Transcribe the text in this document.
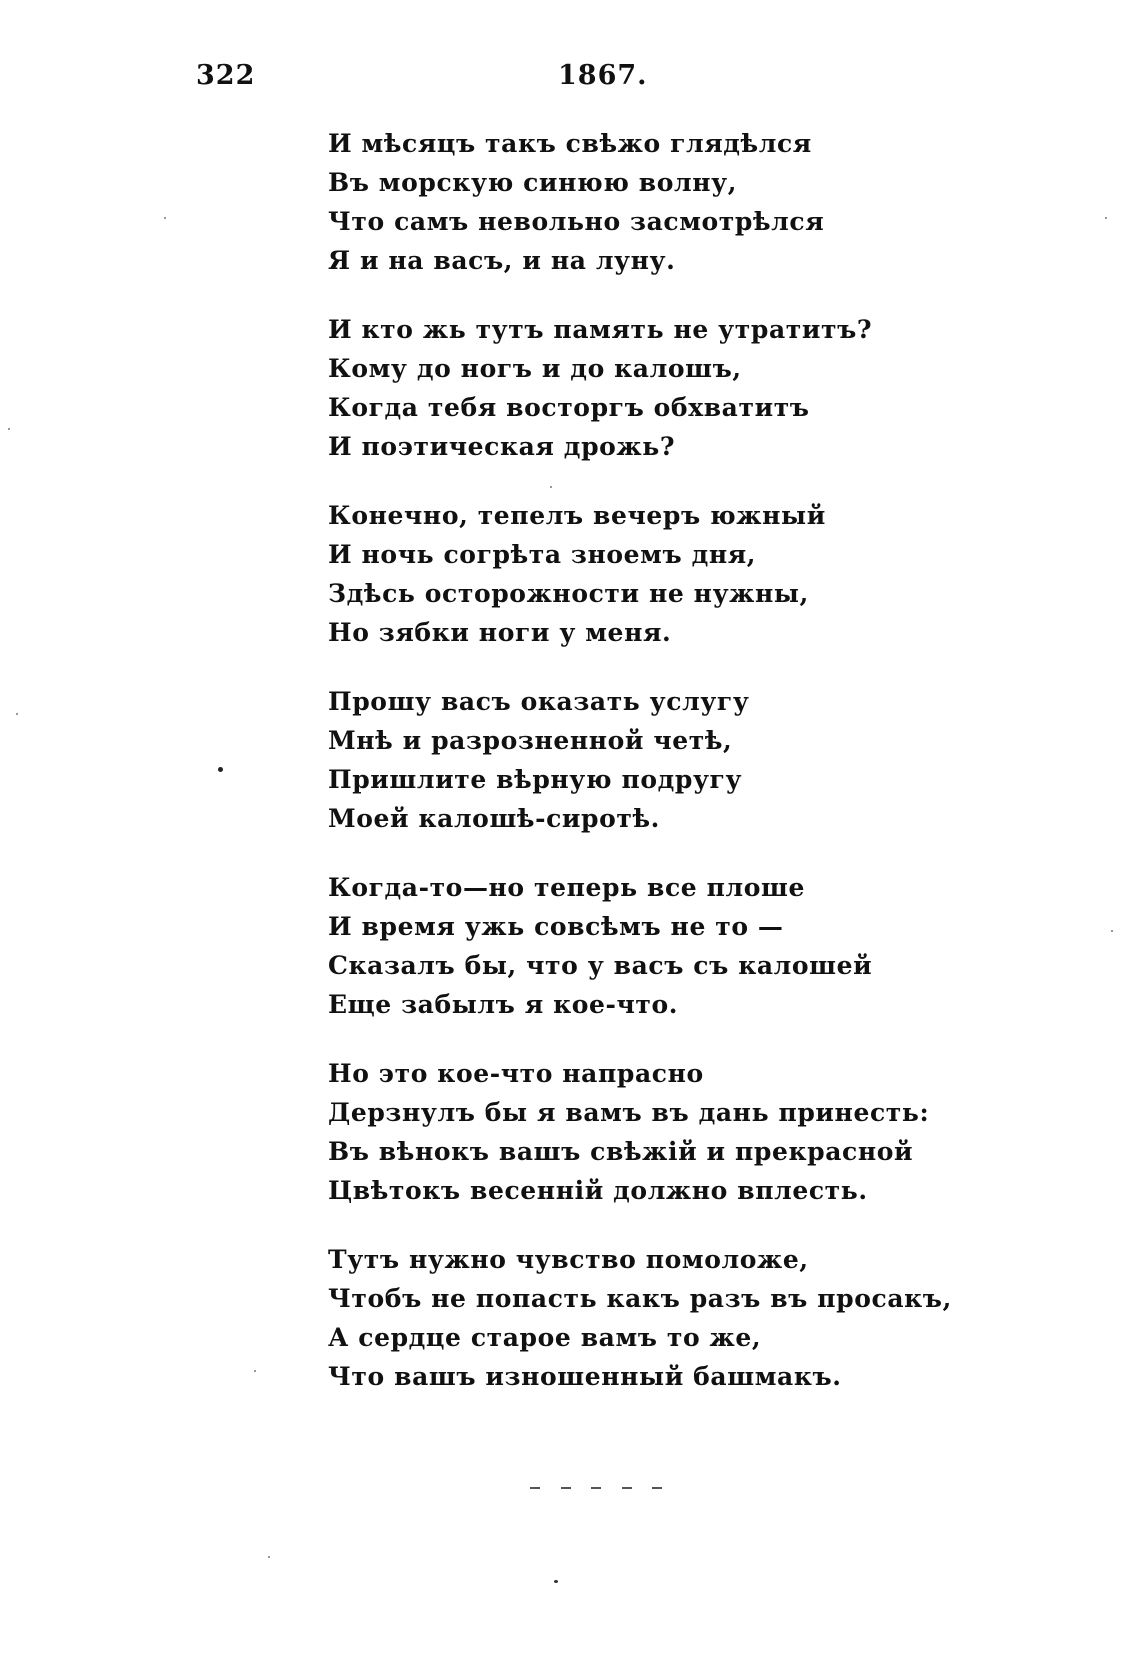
322	1867.
И мѣсяцъ такъ свѣжо глядѣлся
Въ морскую синюю волну,
Что самъ невольно засмотрѣлся
Я и на васъ, и на луну.
И кто жь тутъ память не утратитъ?
Кому до ногъ и до калошъ,
Когда тебя восторгъ обхватитъ
И поэтическая дрожь?
Конечно, тепелъ вечеръ южный
И ночь согрѣта зноемъ дня,
Здѣсь осторожности не нужны,
Но зябки ноги у меня.
Прошу васъ оказать услугу
Мнѣ и разрозненной четѣ,
Пришлите вѣрную подругу
Моей калошѣ-сиротѣ.
Когда-то—но теперь все плоше
И время ужь совсѣмъ не то —
Сказалъ бы, что у васъ съ калошей
Еще забылъ я кое-что.
Но это кое-что напрасно
Дерзнулъ бы я вамъ въ дань принесть:
Въ вѣнокъ вашъ свѣжій и прекрасной
Цвѣтокъ весенній должно вплесть.
Тутъ нужно чувство помоложе,
Чтобъ не попасть какъ разъ въ просакъ,
А сердце старое вамъ то же,
Что вашъ изношенный башмакъ.
